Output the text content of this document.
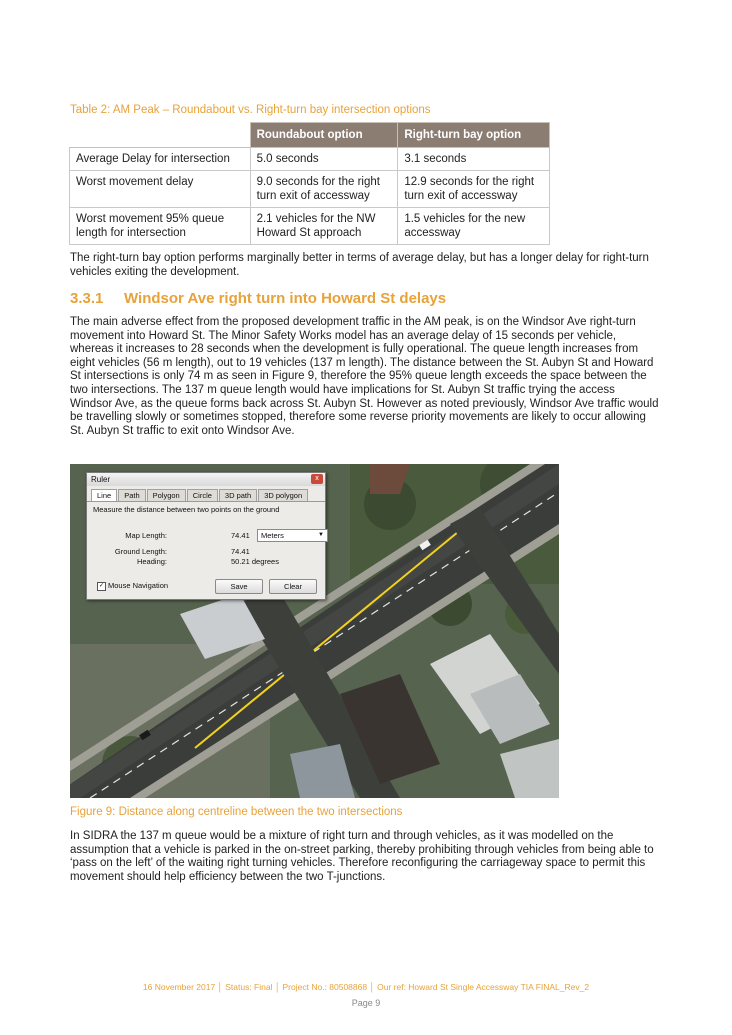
Table 2: AM Peak – Roundabout vs. Right-turn bay intersection options
	Roundabout option	Right-turn bay option
Average Delay for intersection	5.0 seconds	3.1 seconds
Worst movement delay	9.0 seconds for the right turn exit of accessway	12.9 seconds for the right turn exit of accessway
Worst movement 95% queue length for intersection	2.1 vehicles for the NW Howard St approach	1.5 vehicles for the new accessway
The right-turn bay option performs marginally better in terms of average delay, but has a longer delay for right-turn vehicles exiting the development.
3.3.1 Windsor Ave right turn into Howard St delays
The main adverse effect from the proposed development traffic in the AM peak, is on the Windsor Ave right-turn movement into Howard St. The Minor Safety Works model has an average delay of 15 seconds per vehicle, whereas it increases to 28 seconds when the development is fully operational. The queue length increases from eight vehicles (56 m length), out to 19 vehicles (137 m length). The distance between the St. Aubyn St and Howard St intersections is only 74 m as seen in Figure 9, therefore the 95% queue length exceeds the space between the two intersections. The 137 m queue length would have implications for St. Aubyn St traffic trying the access Windsor Ave, as the queue forms back across St. Aubyn St. However as noted previously, Windsor Ave traffic would be travelling slowly or sometimes stopped, therefore some reverse priority movements are likely to occur allowing St. Aubyn St traffic to exit onto Windsor Ave.
Ruler	x
Line	Path	Polygon	Circle	3D path	3D polygon
Measure the distance between two points on the ground
Map Length:	74.41	Meters	▼
Ground Length:	74.41
Heading:	50.21 degrees
✓ Mouse Navigation	Save	Clear
Figure 9: Distance along centreline between the two intersections
In SIDRA the 137 m queue would be a mixture of right turn and through vehicles, as it was modelled on the assumption that a vehicle is parked in the on-street parking, thereby prohibiting through vehicles from being able to ‘pass on the left’ of the waiting right turning vehicles. Therefore reconfiguring the carriageway space to permit this movement should help efficiency between the two T-junctions.
16 November 2017 │ Status: Final │ Project No.: 80508868 │ Our ref: Howard St Single Accessway TIA FINAL_Rev_2
Page 9
